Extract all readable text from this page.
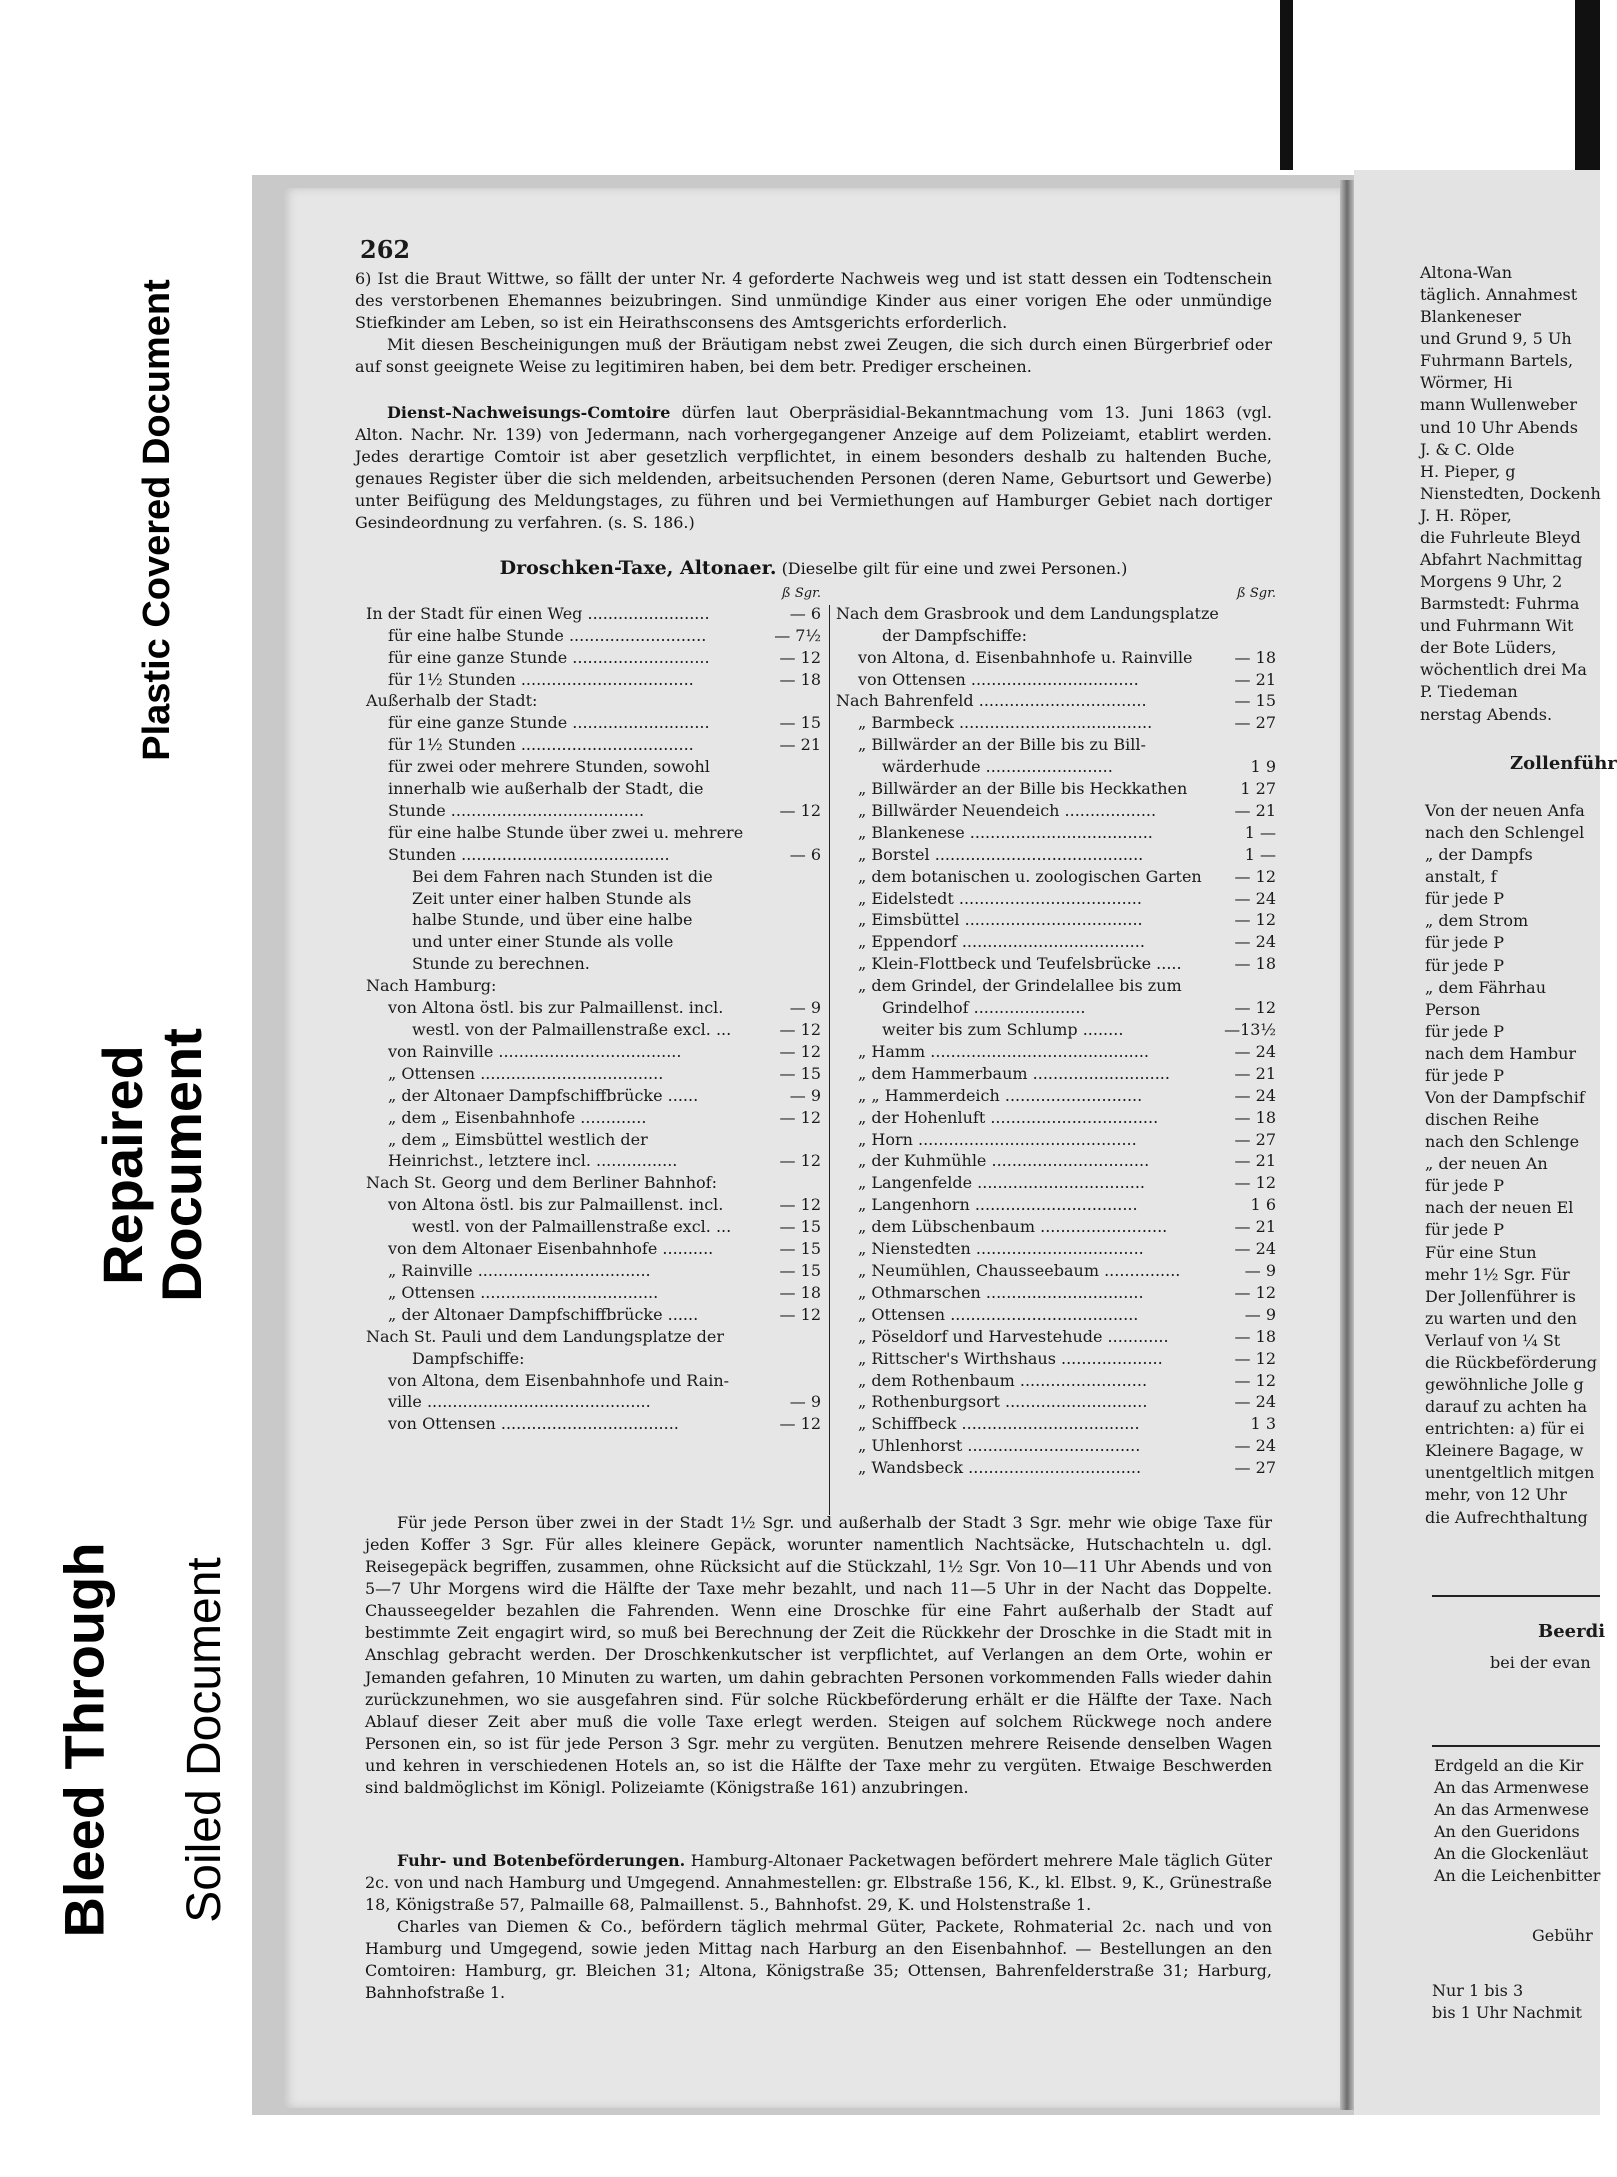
Plastic Covered Document
Repaired
Document
Bleed Through Soiled Document
262

6) Ist die Braut Wittwe, so fällt der unter Nr. 4 geforderte Nachweis weg und ist statt dessen ein Todtenschein des verstorbenen Ehemannes beizubringen. Sind unmündige Kinder aus einer vorigen Ehe oder unmündige Stiefkinder am Leben, so ist ein Heirathsconsens des Amtsgerichts erforderlich.

Mit diesen Bescheinigungen muß der Bräutigam nebst zwei Zeugen, die sich durch einen Bürgerbrief oder auf sonst geeignete Weise zu legitimiren haben, bei dem betr. Prediger erscheinen.

Dienst-Nachweisungs-Comtoire dürfen laut Oberpräsidial-Bekanntmachung vom 13. Juni 1863 (vgl. Alton. Nachr. Nr. 139) von Jedermann, nach vorhergegangener Anzeige auf dem Polizeiamt, etablirt werden. Jedes derartige Comtoir ist aber gesetzlich verpflichtet, in einem besonders deshalb zu haltenden Buche, genaues Register über die sich meldenden, arbeitsuchenden Personen (deren Name, Geburtsort und Gewerbe) unter Beifügung des Meldungstages, zu führen und bei Vermiethungen auf Hamburger Gebiet nach dortiger Gesindeordnung zu verfahren. (s. S. 186.)

Droschken-Taxe, Altonaer. (Dieselbe gilt für eine und zwei Personen.)
ß Sgr.
In der Stadt für einen Weg ........................	— 6
für eine halbe Stunde ...........................	— 7½
für eine ganze Stunde ...........................	— 12
für 1½ Stunden ..................................	— 18
Außerhalb der Stadt:
für eine ganze Stunde ...........................	— 15
für 1½ Stunden ..................................	— 21
für zwei oder mehrere Stunden, sowohl
innerhalb wie außerhalb der Stadt, die
Stunde ......................................	— 12
für eine halbe Stunde über zwei u. mehrere
Stunden .........................................	— 6
Bei dem Fahren nach Stunden ist die
Zeit unter einer halben Stunde als
halbe Stunde, und über eine halbe
und unter einer Stunde als volle
Stunde zu berechnen.
Nach Hamburg:
von Altona östl. bis zur Palmaillenst. incl.	— 9
westl. von der Palmaillenstraße excl. ...	— 12
von Rainville ....................................	— 12
„ Ottensen ....................................	— 15
„ der Altonaer Dampfschiffbrücke ......	— 9
„ dem „ Eisenbahnhofe .............	— 12
„ dem „ Eimsbüttel westlich der
Heinrichst., letztere incl. ................	— 12
Nach St. Georg und dem Berliner Bahnhof:
von Altona östl. bis zur Palmaillenst. incl.	— 12
westl. von der Palmaillenstraße excl. ...	— 15
von dem Altonaer Eisenbahnhofe ..........	— 15
„ Rainville ..................................	— 15
„ Ottensen ...................................	— 18
„ der Altonaer Dampfschiffbrücke ......	— 12
Nach St. Pauli und dem Landungsplatze der
Dampfschiffe:
von Altona, dem Eisenbahnhofe und Rain-
ville ............................................	— 9
von Ottensen ...................................	— 12
ß Sgr.
Nach dem Grasbrook und dem Landungsplatze
der Dampfschiffe:
von Altona, d. Eisenbahnhofe u. Rainville	— 18
von Ottensen .................................	— 21
Nach Bahrenfeld .................................	— 15
„ Barmbeck ......................................	— 27
„ Billwärder an der Bille bis zu Bill-
wärderhude .........................	1 9
„ Billwärder an der Bille bis Heckkathen	1 27
„ Billwärder Neuendeich ..................	— 21
„ Blankenese ....................................	1 —
„ Borstel .........................................	1 —
„ dem botanischen u. zoologischen Garten	— 12
„ Eidelstedt ....................................	— 24
„ Eimsbüttel ...................................	— 12
„ Eppendorf ....................................	— 24
„ Klein-Flottbeck und Teufelsbrücke .....	— 18
„ dem Grindel, der Grindelallee bis zum
Grindelhof ......................	— 12
weiter bis zum Schlump ........	—13½
„ Hamm ...........................................	— 24
„ dem Hammerbaum ...........................	— 21
„ „ Hammerdeich ...........................	— 24
„ der Hohenluft .................................	— 18
„ Horn ...........................................	— 27
„ der Kuhmühle ...............................	— 21
„ Langenfelde .................................	— 12
„ Langenhorn ................................	1 6
„ dem Lübschenbaum .........................	— 21
„ Nienstedten .................................	— 24
„ Neumühlen, Chausseebaum ...............	— 9
„ Othmarschen ...............................	— 12
„ Ottensen .....................................	— 9
„ Pöseldorf und Harvestehude ............	— 18
„ Rittscher's Wirthshaus ....................	— 12
„ dem Rothenbaum .........................	— 12
„ Rothenburgsort ............................	— 24
„ Schiffbeck ...................................	1 3
„ Uhlenhorst ..................................	— 24
„ Wandsbeck ..................................	— 27

Für jede Person über zwei in der Stadt 1½ Sgr. und außerhalb der Stadt 3 Sgr. mehr wie obige Taxe für jeden Koffer 3 Sgr. Für alles kleinere Gepäck, worunter namentlich Nachtsäcke, Hutschachteln u. dgl. Reisegepäck begriffen, zusammen, ohne Rücksicht auf die Stückzahl, 1½ Sgr. Von 10—11 Uhr Abends und von 5—7 Uhr Morgens wird die Hälfte der Taxe mehr bezahlt, und nach 11—5 Uhr in der Nacht das Doppelte. Chausseegelder bezahlen die Fahrenden. Wenn eine Droschke für eine Fahrt außerhalb der Stadt auf bestimmte Zeit engagirt wird, so muß bei Berechnung der Zeit die Rückkehr der Droschke in die Stadt mit in Anschlag gebracht werden. Der Droschkenkutscher ist verpflichtet, auf Verlangen an dem Orte, wohin er Jemanden gefahren, 10 Minuten zu warten, um dahin gebrachten Personen vorkommenden Falls wieder dahin zurückzunehmen, wo sie ausgefahren sind. Für solche Rückbeförderung erhält er die Hälfte der Taxe. Nach Ablauf dieser Zeit aber muß die volle Taxe erlegt werden. Steigen auf solchem Rückwege noch andere Personen ein, so ist für jede Person 3 Sgr. mehr zu vergüten. Benutzen mehrere Reisende denselben Wagen und kehren in verschiedenen Hotels an, so ist die Hälfte der Taxe mehr zu vergüten. Etwaige Beschwerden sind baldmöglichst im Königl. Polizeiamte (Königstraße 161) anzubringen.

Fuhr- und Botenbeförderungen. Hamburg-Altonaer Packetwagen befördert mehrere Male täglich Güter 2c. von und nach Hamburg und Umgegend. Annahmestellen: gr. Elbstraße 156, K., kl. Elbst. 9, K., Grünestraße 18, Königstraße 57, Palmaille 68, Palmaillenst. 5., Bahnhofst. 29, K. und Holstenstraße 1.

Charles van Diemen & Co., befördern täglich mehrmal Güter, Packete, Rohmaterial 2c. nach und von Hamburg und Umgegend, sowie jeden Mittag nach Harburg an den Eisenbahnhof. — Bestellungen an den Comtoiren: Hamburg, gr. Bleichen 31; Altona, Königstraße 35; Ottensen, Bahrenfelderstraße 31; Harburg, Bahnhofstraße 1.

Altona-Wan
täglich. Annahmest
Blankeneser
und Grund 9, 5 Uh
Fuhrmann Bartels,
Wörmer, Hi
mann Wullenweber
und 10 Uhr Abends
J. & C. Olde
H. Pieper, g
Nienstedten, Dockenh
J. H. Röper,
die Fuhrleute Bleyd
Abfahrt Nachmittag
Morgens 9 Uhr, 2
Barmstedt: Fuhrma
und Fuhrmann Wit
der Bote Lüders,
wöchentlich drei Ma
P. Tiedeman
nerstag Abends.
Zollenführ
Von der neuen Anfa
nach den Schlengel
„ der Dampfs
anstalt, f
für jede P
„ dem Strom
für jede P
für jede P
„ dem Fährhau
Person
für jede P
nach dem Hambur
für jede P
Von der Dampfschif
dischen Reihe
nach den Schlenge
„ der neuen An
für jede P
nach der neuen El
für jede P
Für eine Stun
mehr 1½ Sgr. Für
Der Jollenführer is
zu warten und den
Verlauf von ¼ St
die Rückbeförderung
gewöhnliche Jolle g
darauf zu achten ha
entrichten: a) für ei
Kleinere Bagage, w
unentgeltlich mitgen
mehr, von 12 Uhr
die Aufrechthaltung
Beerdi
bei der evan
Erdgeld an die Kir
An das Armenwese
An das Armenwese
An den Gueridons
An die Glockenläut
An die Leichenbitter
Gebühr
Nur 1 bis 3
bis 1 Uhr Nachmit
